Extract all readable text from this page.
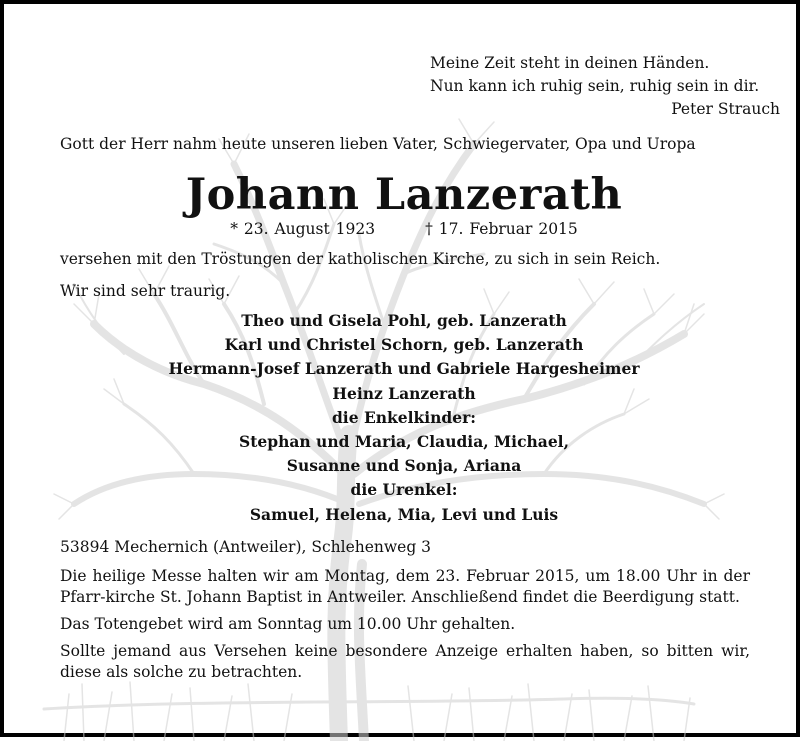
Meine Zeit steht in deinen Händen.
Nun kann ich ruhig sein, ruhig sein in dir.
Peter Strauch
Gott der Herr nahm heute unseren lieben Vater, Schwiegervater, Opa und Uropa
Johann Lanzerath
* 23. August 1923	† 17. Februar 2015
versehen mit den Tröstungen der katholischen Kirche, zu sich in sein Reich.
Wir sind sehr traurig.
Theo und Gisela Pohl, geb. Lanzerath
Karl und Christel Schorn, geb. Lanzerath
Hermann-Josef Lanzerath und Gabriele Hargesheimer
Heinz Lanzerath
die Enkelkinder:
Stephan und Maria, Claudia, Michael,
Susanne und Sonja, Ariana
die Urenkel:
Samuel, Helena, Mia, Levi und Luis
53894 Mechernich (Antweiler), Schlehenweg 3

Die heilige Messe halten wir am Montag, dem 23. Februar 2015, um 18.00 Uhr in der Pfarr-kirche St. Johann Baptist in Antweiler. Anschließend findet die Beerdigung statt.

Das Totengebet wird am Sonntag um 10.00 Uhr gehalten.

Sollte jemand aus Versehen keine besondere Anzeige erhalten haben, so bitten wir, diese als solche zu betrachten.
